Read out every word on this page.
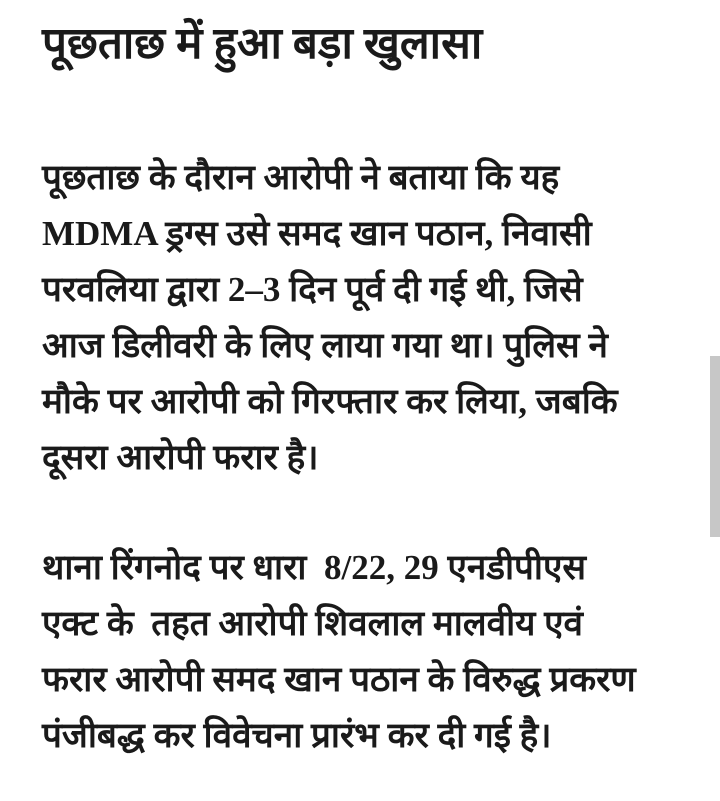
पूछताछ में हुआ बड़ा खुलासा

पूछताछ के दौरान आरोपी ने बताया कि यह
MDMA ड्रग्स उसे समद खान पठान, निवासी
परवलिया द्वारा 2–3 दिन पूर्व दी गई थी, जिसे
आज डिलीवरी के लिए लाया गया था। पुलिस ने
मौके पर आरोपी को गिरफ्तार कर लिया, जबकि
दूसरा आरोपी फरार है।

थाना रिंगनोद पर धारा  8/22, 29 एनडीपीएस
एक्ट के  तहत आरोपी शिवलाल मालवीय एवं
फरार आरोपी समद खान पठान के विरुद्ध प्रकरण
पंजीबद्ध कर विवेचना प्रारंभ कर दी गई है।
